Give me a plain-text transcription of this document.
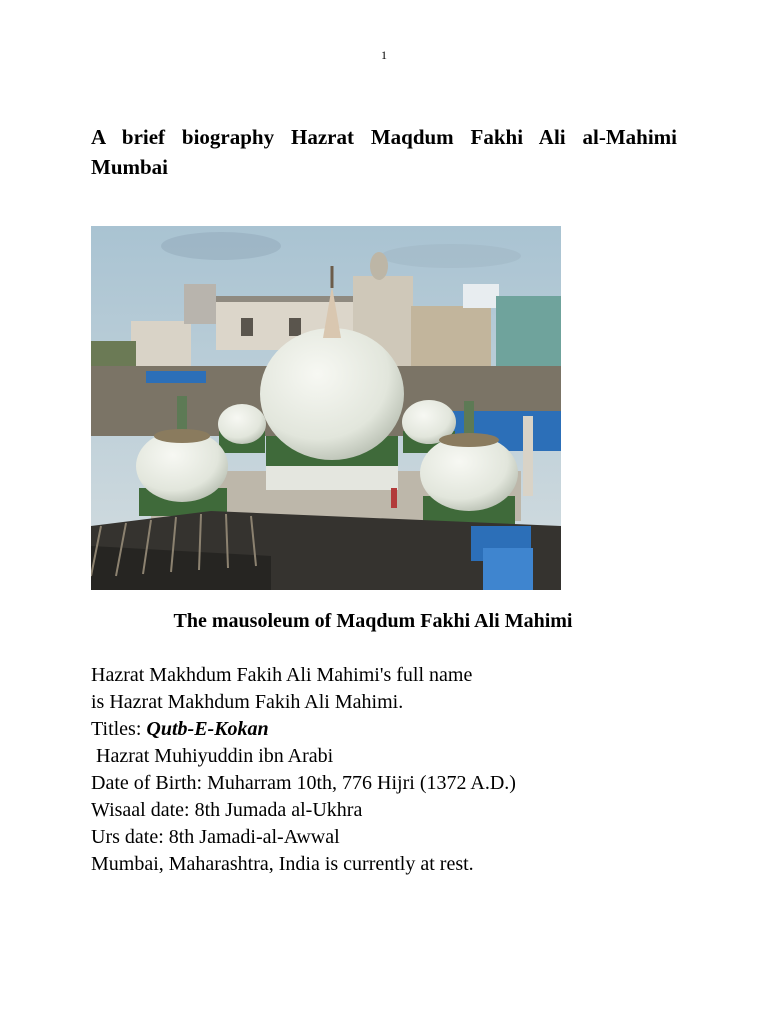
1
A brief biography Hazrat Maqdum Fakhi Ali al-Mahimi Mumbai

The mausoleum of Maqdum Fakhi Ali Mahimi

Hazrat Makhdum Fakih Ali Mahimi's full name
is Hazrat Makhdum Fakih Ali Mahimi.
Titles: Qutb-E-Kokan
Hazrat Muhiyuddin ibn Arabi
Date of Birth: Muharram 10th, 776 Hijri (1372 A.D.)
Wisaal date: 8th Jumada al-Ukhra
Urs date: 8th Jamadi-al-Awwal
Mumbai, Maharashtra, India is currently at rest.
